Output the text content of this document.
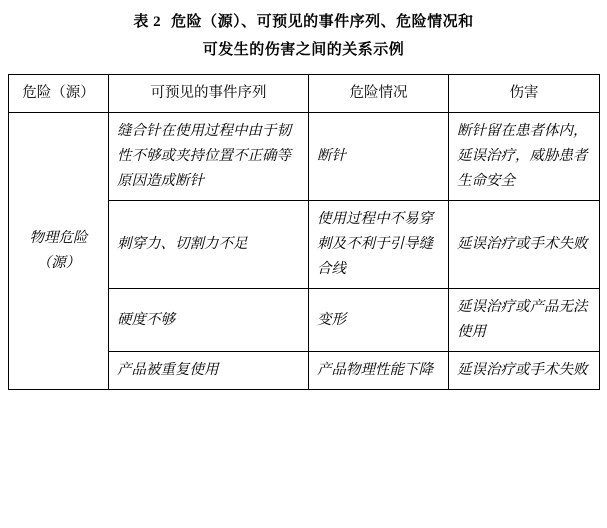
表 2 危险（源）、可预见的事件序列、危险情况和
可发生的伤害之间的关系示例
危险（源）	可预见的事件序列	危险情况	伤害
物理危险（源）	缝合针在使用过程中由于韧性不够或夹持位置不正确等原因造成断针	断针	断针留在患者体内，延误治疗，威胁患者生命安全
	刺穿力、切割力不足	使用过程中不易穿刺及不利于引导缝合线	延误治疗或手术失败
	硬度不够	变形	延误治疗或产品无法使用
	产品被重复使用	产品物理性能下降	延误治疗或手术失败
